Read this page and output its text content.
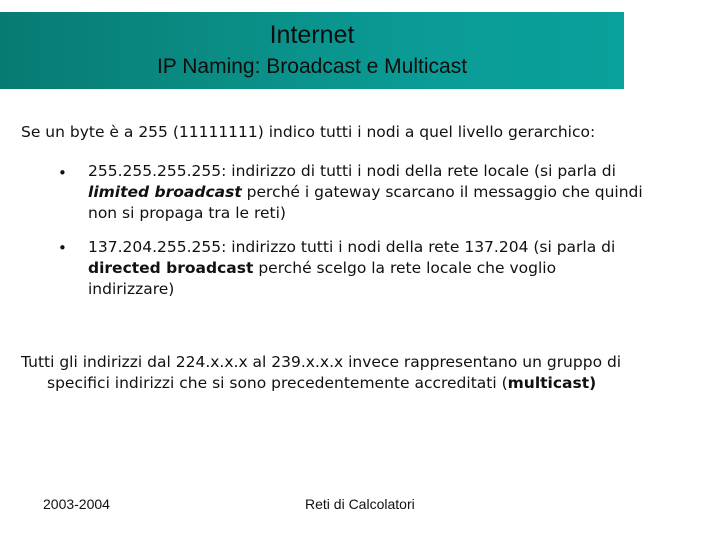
Internet
IP Naming: Broadcast e Multicast
Se un byte è a 255 (11111111) indico tutti i nodi a quel livello gerarchico:
• 255.255.255.255: indirizzo di tutti i nodi della rete locale (si parla di
limited broadcast perché i gateway scarcano il messaggio che quindi
non si propaga tra le reti)
• 137.204.255.255: indirizzo tutti i nodi della rete 137.204 (si parla di
directed broadcast perché scelgo la rete locale che voglio
indirizzare)
Tutti gli indirizzi dal 224.x.x.x al 239.x.x.x invece rappresentano un gruppo di
specifici indirizzi che si sono precedentemente accreditati (multicast)
2003-2004	Reti di Calcolatori
